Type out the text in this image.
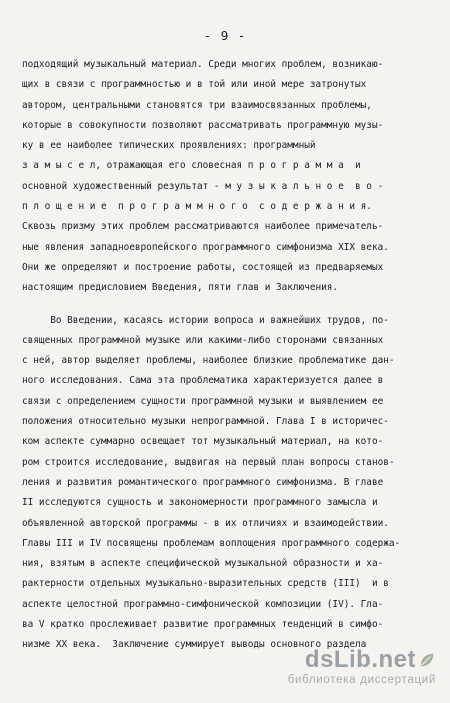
- 9 -
подходящий музыкальный материал. Среди многих проблем, возникаю-
щих в связи с программностью и в той или иной мере затронутых
автором, центральными становятся три взаимосвязанных проблемы,
которые в совокупности позволяют рассматривать программную музы-
ку в ее наиболее типических проявлениях: программный
з а м ы с е л, отражающая его словесная п р о г р а м м а  и
основной художественный результат - м у з ы к а л ь н о е  в о -
п л о щ е н и е  п р о г р а м м н о г о  с о д е р ж а н и я.
Сквозь призму этих проблем рассматриваются наиболее примечатель-
ные явления западноевропейского программного симфонизма XIX века.
Они же определяют и построение работы, состоящей из предваряемых
настоящим предисловием Введения, пяти глав и Заключения.
Во Введении, касаясь истории вопроса и важнейших трудов, по-
священных программной музыке или какими-либо сторонами связанных
с ней, автор выделяет проблемы, наиболее близкие проблематике дан-
ного исследования. Сама эта проблематика характеризуется далее в
связи с определением сущности программной музыки и выявлением ее
положения относительно музыки непрограммной. Глава I в историчес-
ком аспекте суммарно освещает тот музыкальный материал, на кото-
ром строится исследование, выдвигая на первый план вопросы станов-
ления и развития романтического программного симфонизма. В главе
II исследуются сущность и закономерности программного замысла и
объявленной авторской программы - в их отличиях и взаимодействии.
Главы III и IV посвящены проблемам воплощения программного содержа-
ния, взятым в аспекте специфической музыкальной образности и ха-
рактерности отдельных музыкально-выразительных средств (III)  и в
аспекте целостной программно-симфонической композиции (IV). Гла-
ва V кратко прослеживает развитие программных тенденций в симфо-
низме XX века.  Заключение суммирует выводы основного раздела
dsLib.net
библиотека диссертаций
